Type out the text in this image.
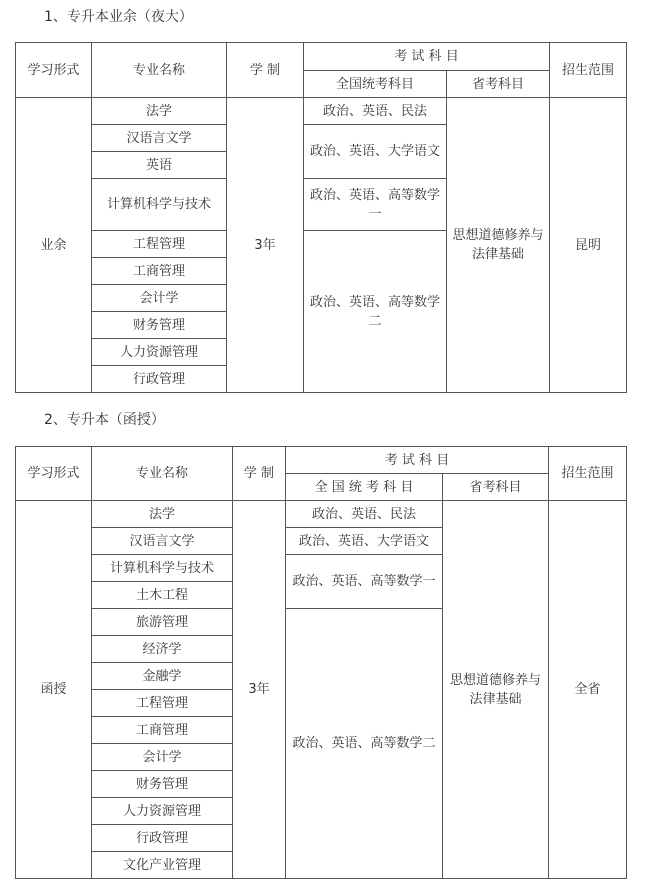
1、专升本业余（夜大）
学习形式	专业名称	学 制	考 试 科 目		招生范围
			全国统考科目	省考科目	
业余	法学	3年	政治、英语、民法	思想道德修养与法律基础	昆明
	汉语言文学		政治、英语、大学语文		
	英语				
	计算机科学与技术		政治、英语、高等数学一		
	工程管理		政治、英语、高等数学二		
	工商管理				
	会计学				
	财务管理				
	人力资源管理				
	行政管理				
2、专升本（函授）
学习形式	专业名称	学 制	考 试 科 目		招生范围
			全 国 统 考 科 目	省考科目	
函授	法学	3年	政治、英语、民法	思想道德修养与法律基础	全省
	汉语言文学		政治、英语、大学语文		
	计算机科学与技术		政治、英语、高等数学一		
	土木工程				
	旅游管理		政治、英语、高等数学二		
	经济学				
	金融学				
	工程管理				
	工商管理				
	会计学				
	财务管理				
	人力资源管理				
	行政管理				
	文化产业管理				
